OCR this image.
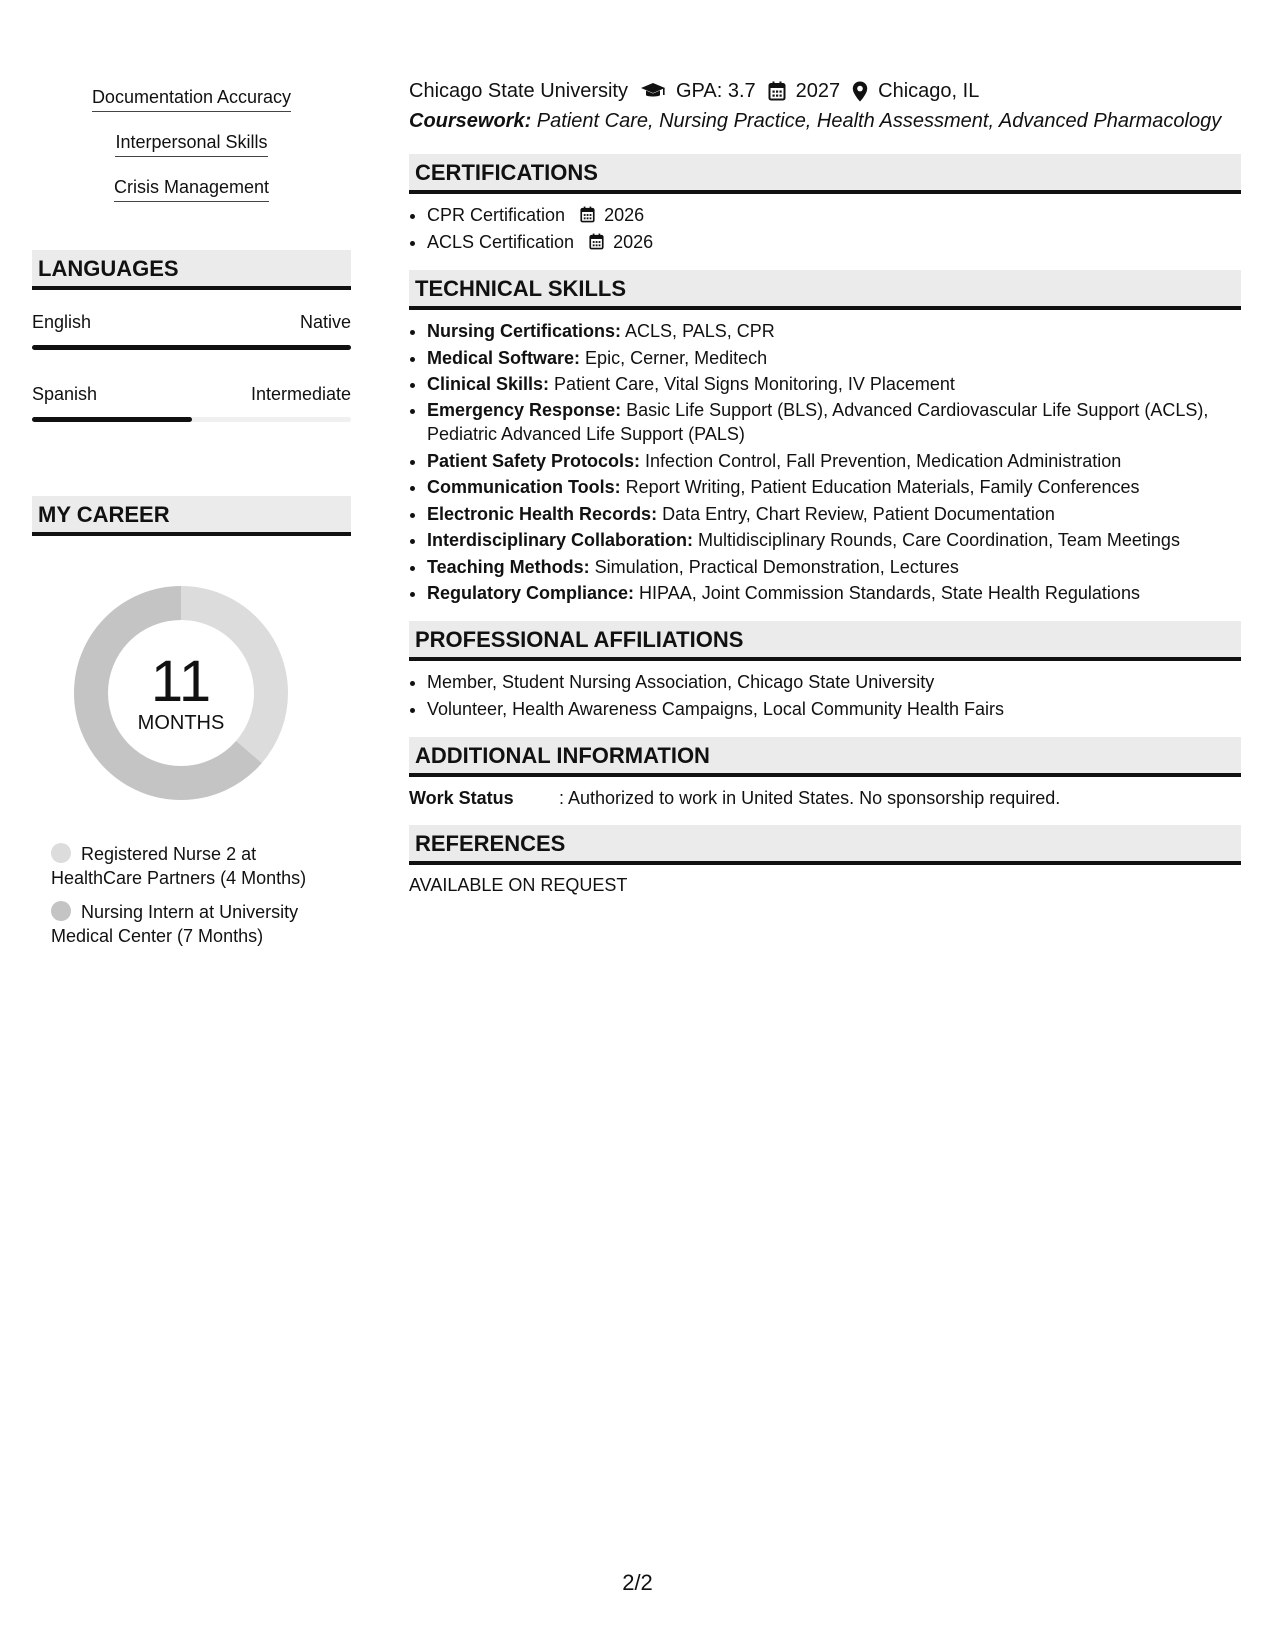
Documentation Accuracy
Interpersonal Skills
Crisis Management
LANGUAGES
English	Native
Spanish	Intermediate
MY CAREER
11
MONTHS
Registered Nurse 2 at HealthCare Partners (4 Months)
Nursing Intern at University Medical Center (7 Months)
Chicago State University GPA: 3.7 2027 Chicago, IL
Coursework: Patient Care, Nursing Practice, Health Assessment, Advanced Pharmacology
CERTIFICATIONS
• CPR Certification 2026
• ACLS Certification 2026
TECHNICAL SKILLS
• Nursing Certifications: ACLS, PALS, CPR
• Medical Software: Epic, Cerner, Meditech
• Clinical Skills: Patient Care, Vital Signs Monitoring, IV Placement
• Emergency Response: Basic Life Support (BLS), Advanced Cardiovascular Life Support (ACLS), Pediatric Advanced Life Support (PALS)
• Patient Safety Protocols: Infection Control, Fall Prevention, Medication Administration
• Communication Tools: Report Writing, Patient Education Materials, Family Conferences
• Electronic Health Records: Data Entry, Chart Review, Patient Documentation
• Interdisciplinary Collaboration: Multidisciplinary Rounds, Care Coordination, Team Meetings
• Teaching Methods: Simulation, Practical Demonstration, Lectures
• Regulatory Compliance: HIPAA, Joint Commission Standards, State Health Regulations
PROFESSIONAL AFFILIATIONS
• Member, Student Nursing Association, Chicago State University
• Volunteer, Health Awareness Campaigns, Local Community Health Fairs
ADDITIONAL INFORMATION
Work Status	: Authorized to work in United States. No sponsorship required.
REFERENCES
AVAILABLE ON REQUEST
2/2
